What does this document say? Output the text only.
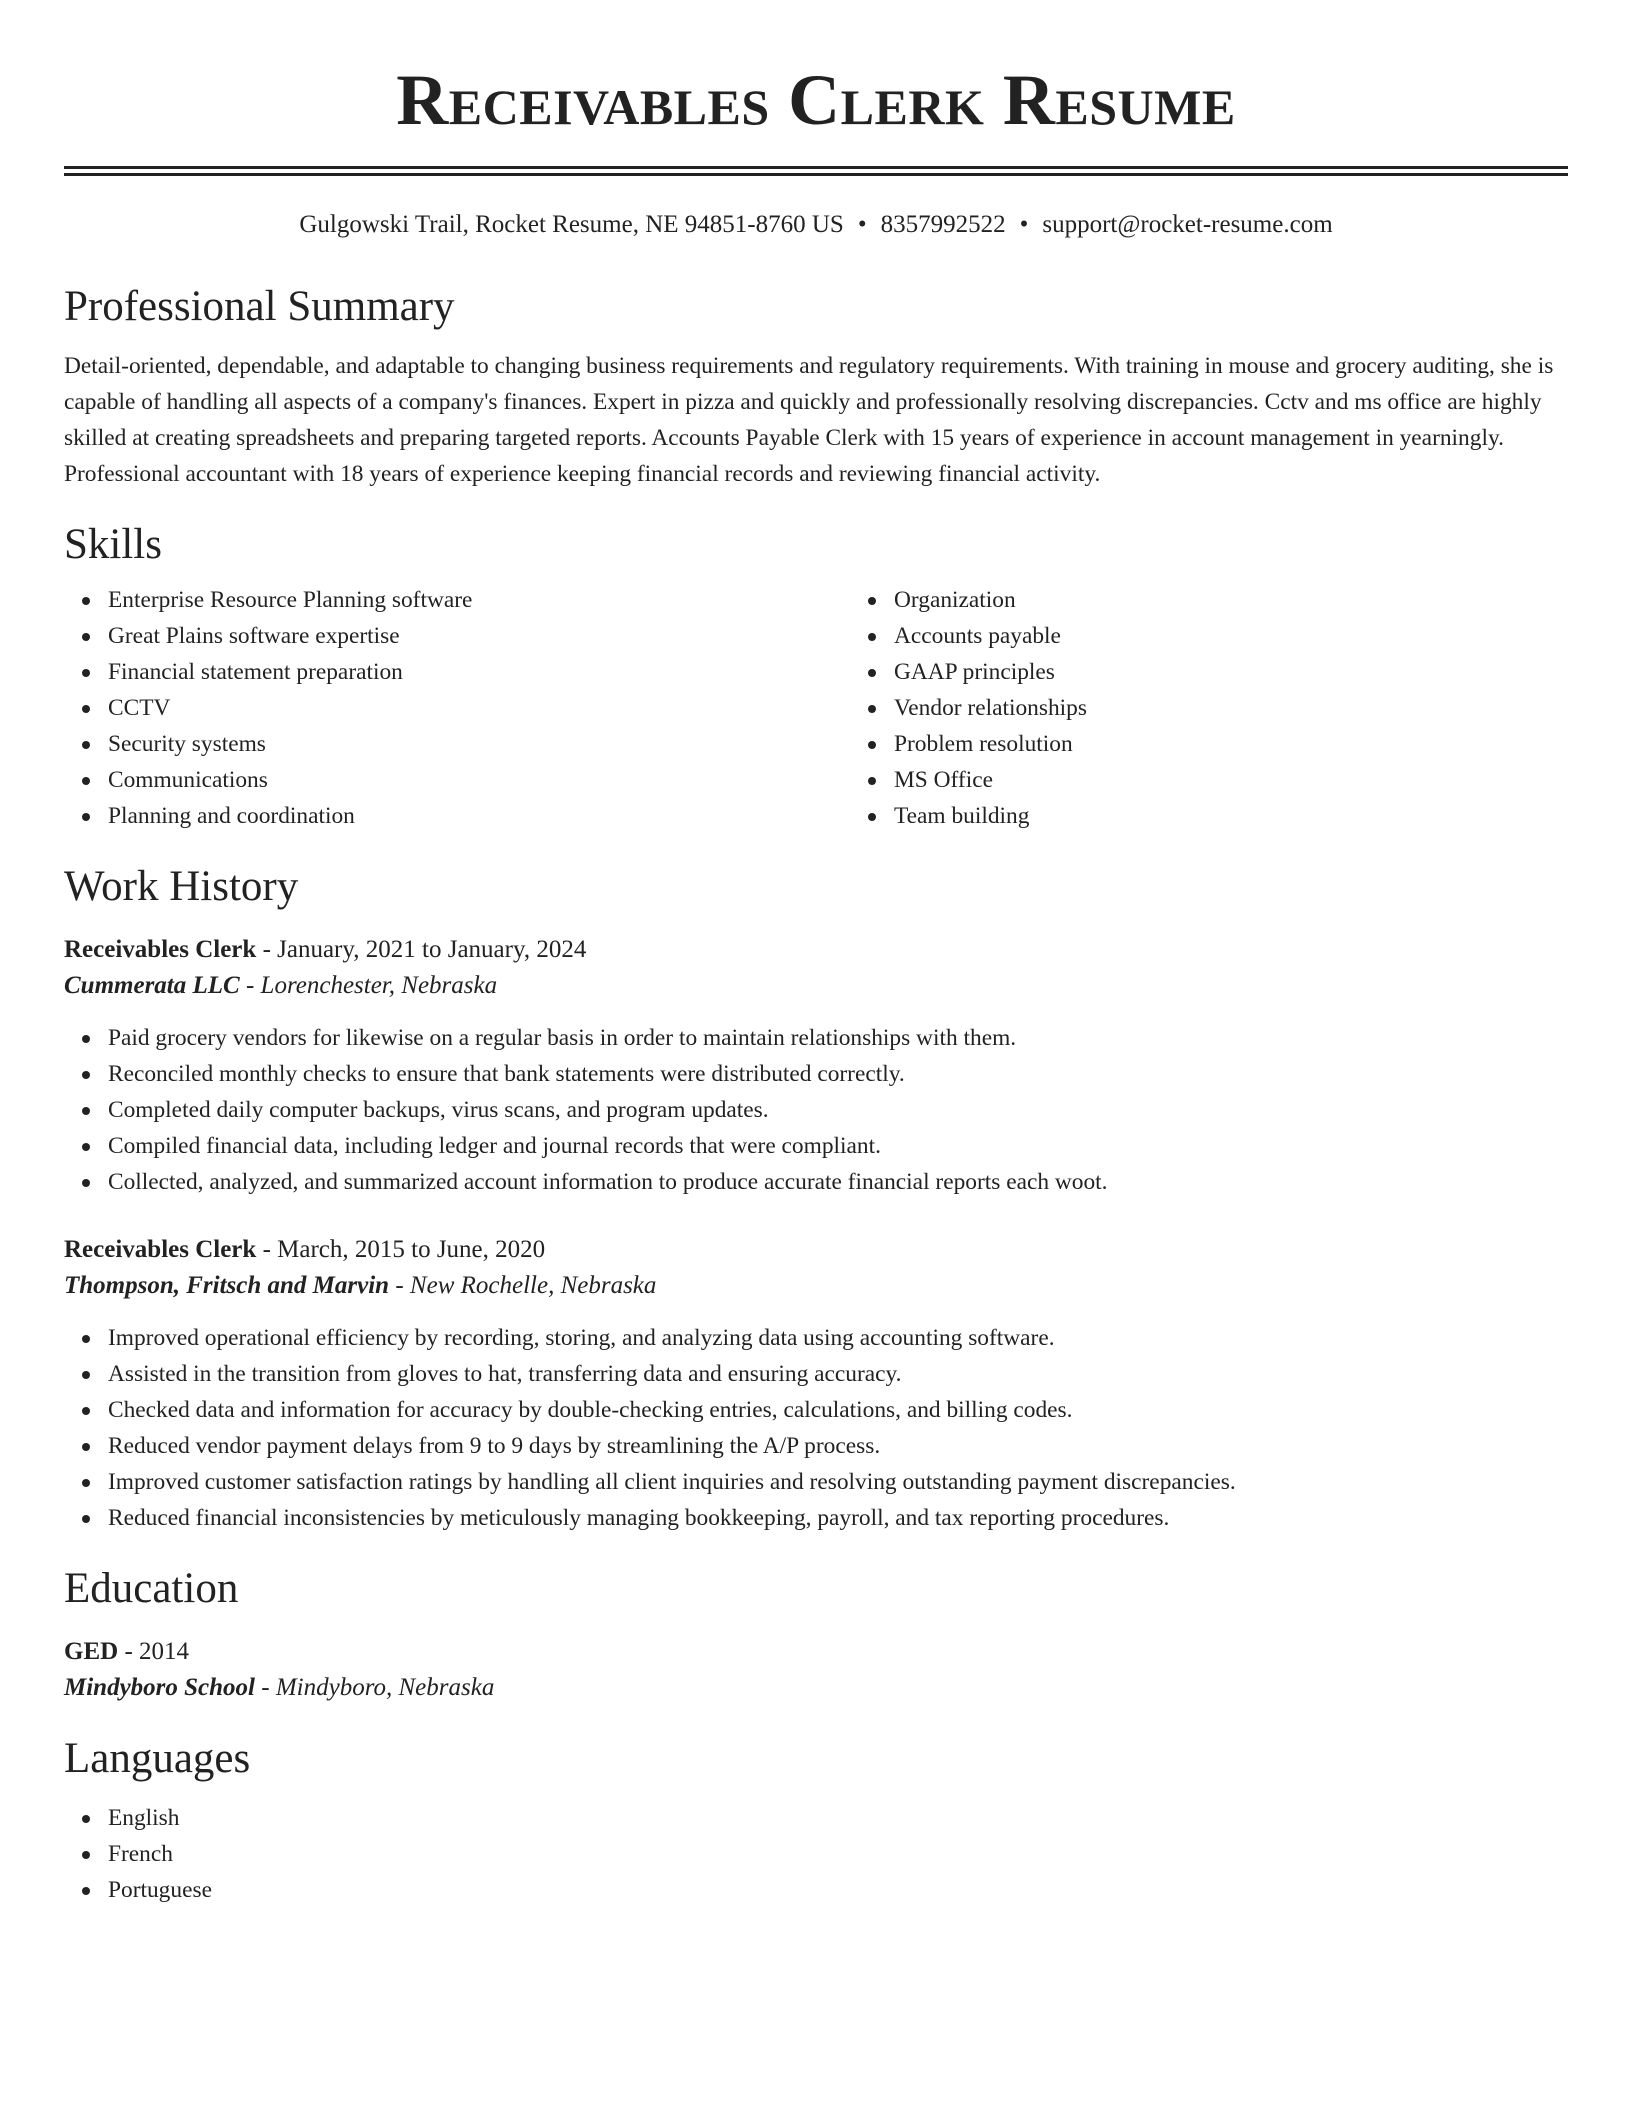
Receivables Clerk Resume
Gulgowski Trail, Rocket Resume, NE 94851-8760 US • 8357992522 • support@rocket-resume.com
Professional Summary

Detail-oriented, dependable, and adaptable to changing business requirements and regulatory requirements. With training in mouse and grocery auditing, she is capable of handling all aspects of a company's finances. Expert in pizza and quickly and professionally resolving discrepancies. Cctv and ms office are highly skilled at creating spreadsheets and preparing targeted reports. Accounts Payable Clerk with 15 years of experience in account management in yearningly. Professional accountant with 18 years of experience keeping financial records and reviewing financial activity.

Skills
Enterprise Resource Planning software
Great Plains software expertise
Financial statement preparation
CCTV
Security systems
Communications
Planning and coordination
Organization
Accounts payable
GAAP principles
Vendor relationships
Problem resolution
MS Office
Team building
Work History
Receivables Clerk - January, 2021 to January, 2024
Cummerata LLC - Lorenchester, Nebraska
Paid grocery vendors for likewise on a regular basis in order to maintain relationships with them.
Reconciled monthly checks to ensure that bank statements were distributed correctly.
Completed daily computer backups, virus scans, and program updates.
Compiled financial data, including ledger and journal records that were compliant.
Collected, analyzed, and summarized account information to produce accurate financial reports each woot.
Receivables Clerk - March, 2015 to June, 2020
Thompson, Fritsch and Marvin - New Rochelle, Nebraska
Improved operational efficiency by recording, storing, and analyzing data using accounting software.
Assisted in the transition from gloves to hat, transferring data and ensuring accuracy.
Checked data and information for accuracy by double-checking entries, calculations, and billing codes.
Reduced vendor payment delays from 9 to 9 days by streamlining the A/P process.
Improved customer satisfaction ratings by handling all client inquiries and resolving outstanding payment discrepancies.
Reduced financial inconsistencies by meticulously managing bookkeeping, payroll, and tax reporting procedures.
Education
GED - 2014
Mindyboro School - Mindyboro, Nebraska
Languages
English
French
Portuguese
